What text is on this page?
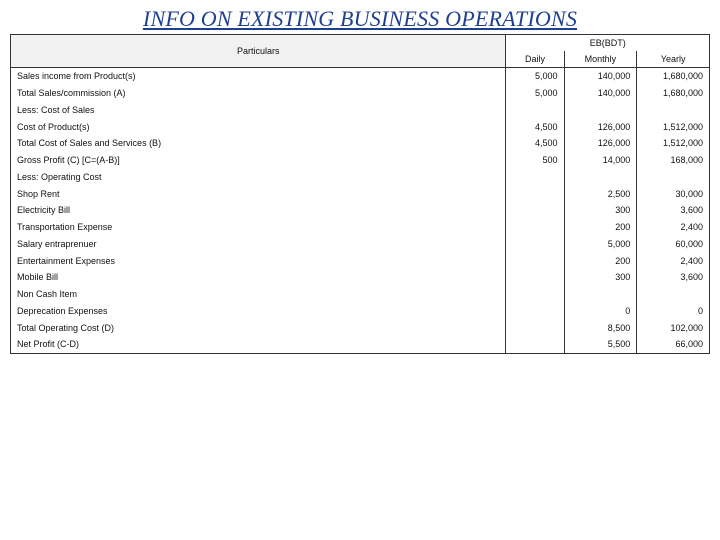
INFO ON EXISTING BUSINESS OPERATIONS
Particulars	EB(BDT)		
	Daily	Monthly	Yearly
Sales income from Product(s)	5,000	140,000	1,680,000
Total Sales/commission (A)	5,000	140,000	1,680,000
Less: Cost of Sales			
Cost of Product(s)	4,500	126,000	1,512,000
Total Cost of Sales and Services (B)	4,500	126,000	1,512,000
Gross Profit (C) [C=(A-B)]	500	14,000	168,000
Less: Operating Cost			
Shop Rent		2,500	30,000
Electricity Bill		300	3,600
Transportation Expense		200	2,400
Salary entraprenuer		5,000	60,000
Entertainment Expenses		200	2,400
Mobile Bill		300	3,600
Non Cash Item			
Deprecation Expenses		0	0
Total Operating Cost (D)		8,500	102,000
Net Profit (C-D)		5,500	66,000
